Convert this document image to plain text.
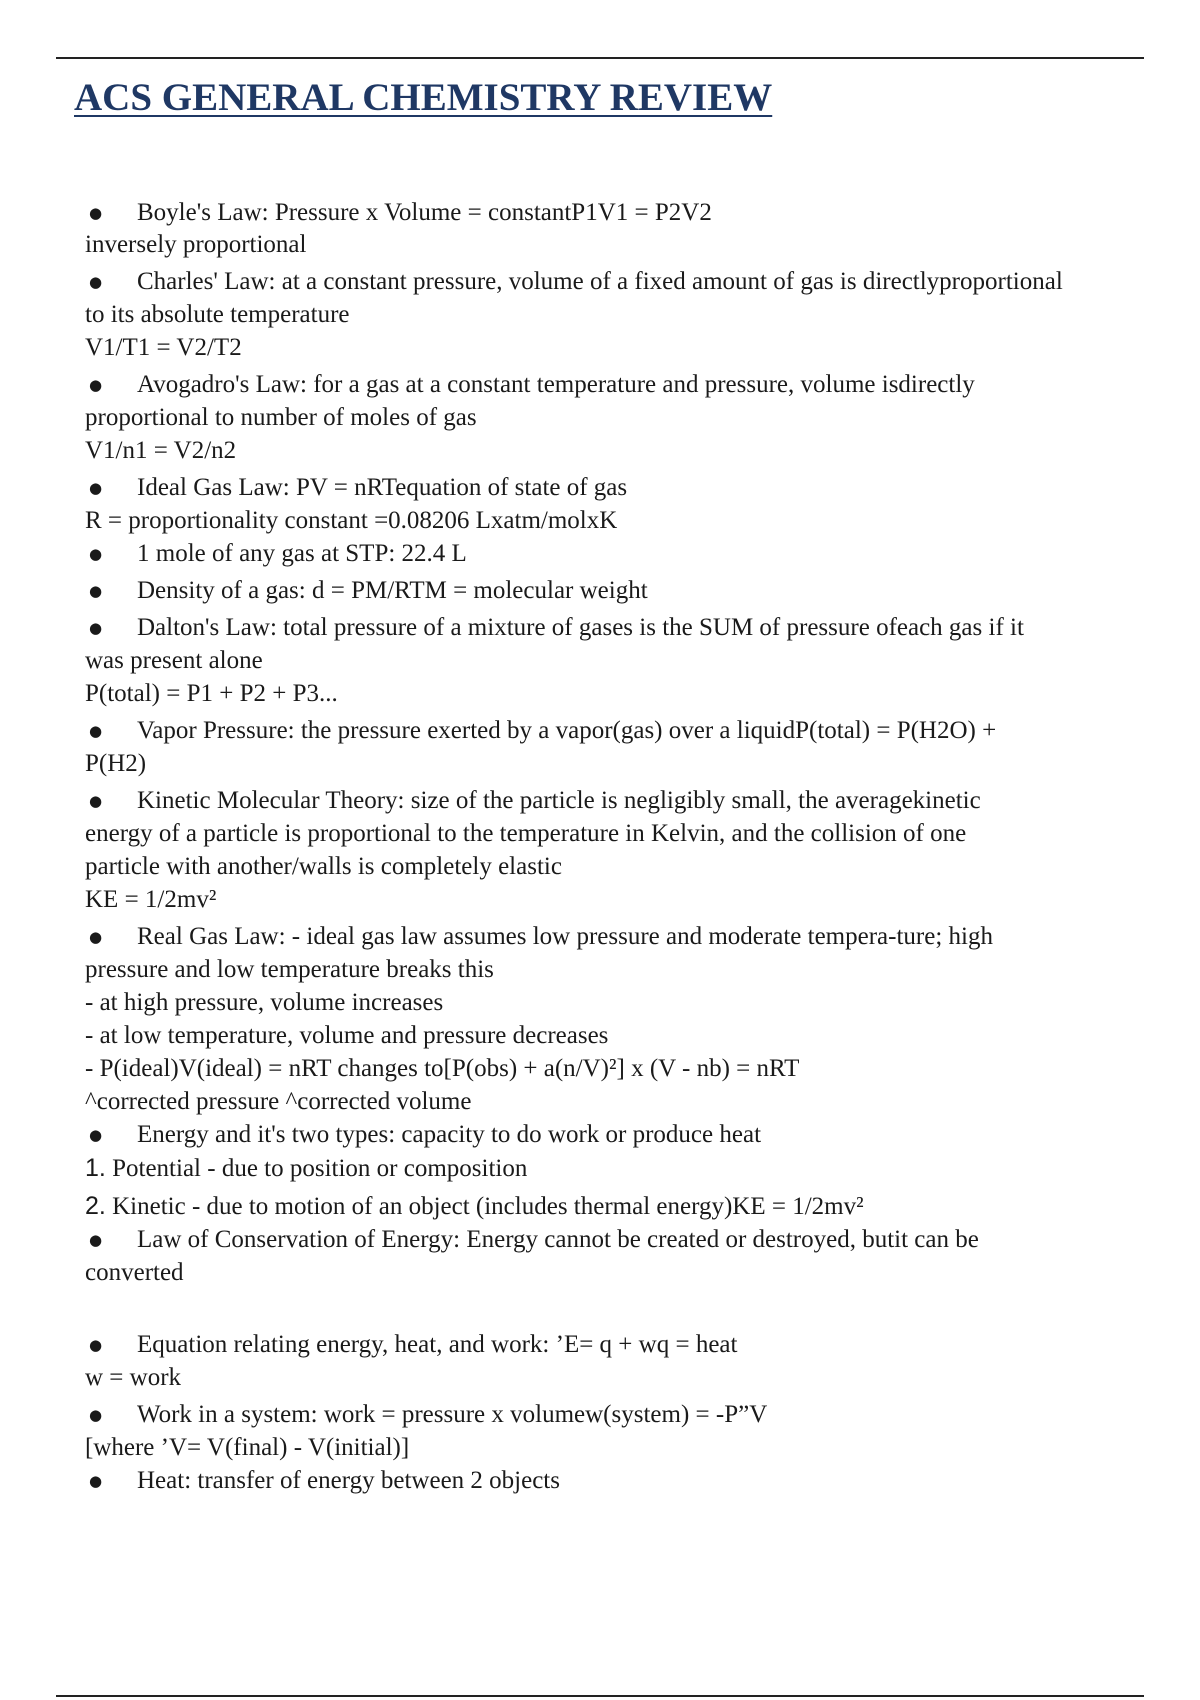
ACS GENERAL CHEMISTRY REVIEW
● Boyle's Law: Pressure x Volume = constantP1V1 = P2V2
inversely proportional
● Charles' Law: at a constant pressure, volume of a fixed amount of gas is directlyproportional
to its absolute temperature
V1/T1 = V2/T2
● Avogadro's Law: for a gas at a constant temperature and pressure, volume isdirectly
proportional to number of moles of gas
V1/n1 = V2/n2
● Ideal Gas Law: PV = nRTequation of state of gas
R = proportionality constant =0.08206 Lxatm/molxK
● 1 mole of any gas at STP: 22.4 L
● Density of a gas: d = PM/RTM = molecular weight
● Dalton's Law: total pressure of a mixture of gases is the SUM of pressure ofeach gas if it
was present alone
P(total) = P1 + P2 + P3...
● Vapor Pressure: the pressure exerted by a vapor(gas) over a liquidP(total) = P(H2O) +
P(H2)
● Kinetic Molecular Theory: size of the particle is negligibly small, the averagekinetic
energy of a particle is proportional to the temperature in Kelvin, and the collision of one
particle with another/walls is completely elastic
KE = 1/2mv²
● Real Gas Law: - ideal gas law assumes low pressure and moderate tempera-ture; high
pressure and low temperature breaks this
- at high pressure, volume increases
- at low temperature, volume and pressure decreases
- P(ideal)V(ideal) = nRT changes to[P(obs) + a(n/V)²] x (V - nb) = nRT
^corrected pressure ^corrected volume
● Energy and it's two types: capacity to do work or produce heat
1. Potential - due to position or composition
2. Kinetic - due to motion of an object (includes thermal energy)KE = 1/2mv²
● Law of Conservation of Energy: Energy cannot be created or destroyed, butit can be
converted
● Equation relating energy, heat, and work: ’E= q + wq = heat
w = work
● Work in a system: work = pressure x volumew(system) = -P”V
[where ’V= V(final) - V(initial)]
● Heat: transfer of energy between 2 objects
